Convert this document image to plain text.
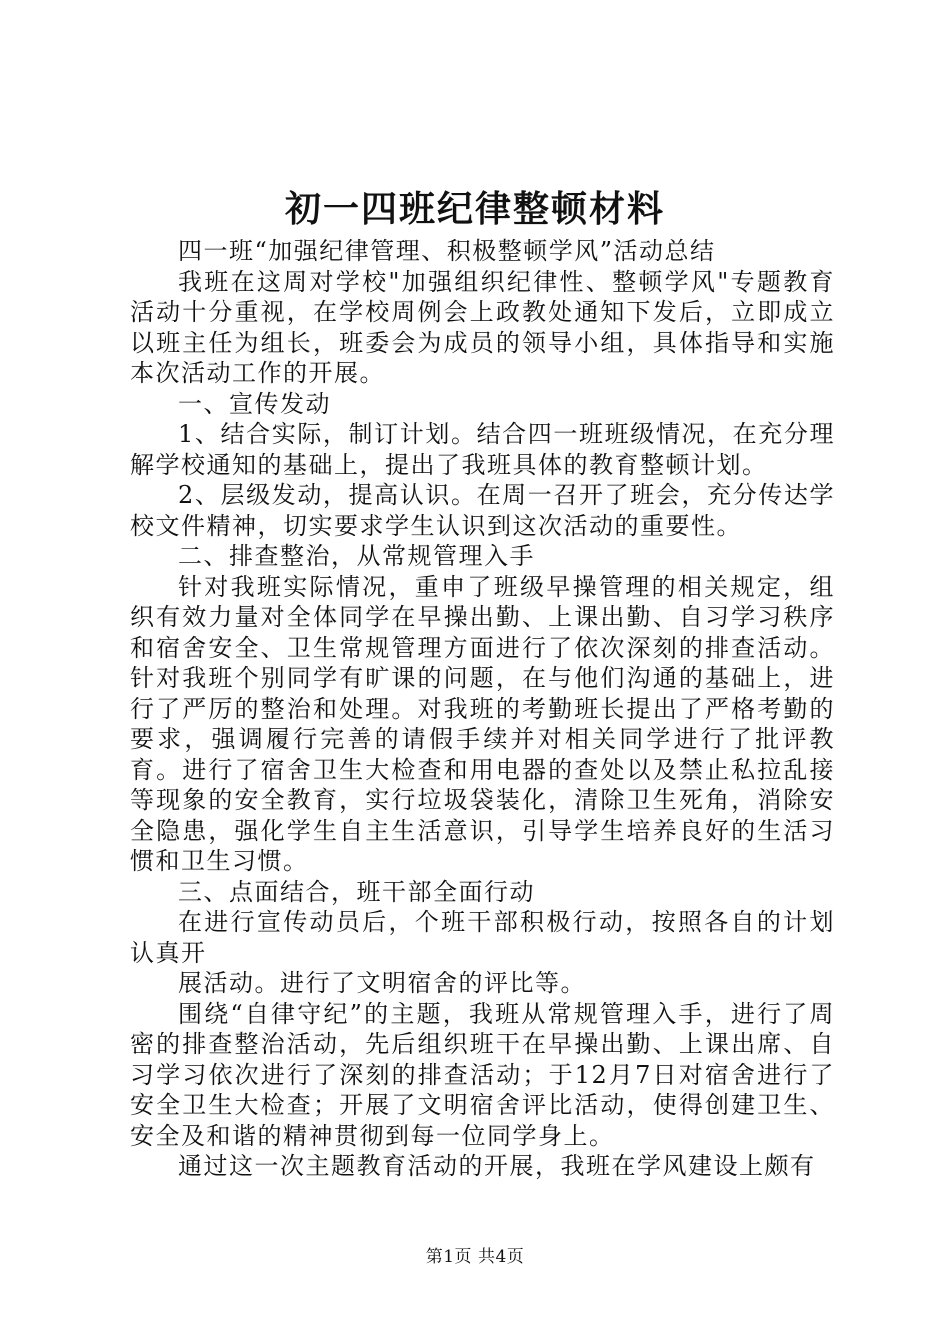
初一四班纪律整顿材料

四一班“加强纪律管理、积极整顿学风”活动总结

我班在这周对学校"加强组织纪律性、整顿学风"专题教育活动十分重视，在学校周例会上政教处通知下发后，立即成立以班主任为组长，班委会为成员的领导小组，具体指导和实施本次活动工作的开展。

一、宣传发动

1、结合实际，制订计划。结合四一班班级情况，在充分理解学校通知的基础上，提出了我班具体的教育整顿计划。

2、层级发动，提高认识。在周一召开了班会，充分传达学校文件精神，切实要求学生认识到这次活动的重要性。

二、排查整治，从常规管理入手

针对我班实际情况，重申了班级早操管理的相关规定，组织有效力量对全体同学在早操出勤、上课出勤、自习学习秩序和宿舍安全、卫生常规管理方面进行了依次深刻的排查活动。针对我班个别同学有旷课的问题，在与他们沟通的基础上，进行了严厉的整治和处理。对我班的考勤班长提出了严格考勤的要求，强调履行完善的请假手续并对相关同学进行了批评教育。进行了宿舍卫生大检查和用电器的查处以及禁止私拉乱接等现象的安全教育，实行垃圾袋装化，清除卫生死角，消除安全隐患，强化学生自主生活意识，引导学生培养良好的生活习惯和卫生习惯。

三、点面结合，班干部全面行动

在进行宣传动员后，个班干部积极行动，按照各自的计划认真开

展活动。进行了文明宿舍的评比等。

围绕“自律守纪”的主题，我班从常规管理入手，进行了周密的排查整治活动，先后组织班干在早操出勤、上课出席、自习学习依次进行了深刻的排查活动；于12月7日对宿舍进行了安全卫生大检查；开展了文明宿舍评比活动，使得创建卫生、安全及和谐的精神贯彻到每一位同学身上。

通过这一次主题教育活动的开展，我班在学风建设上颇有

第1页 共4页
